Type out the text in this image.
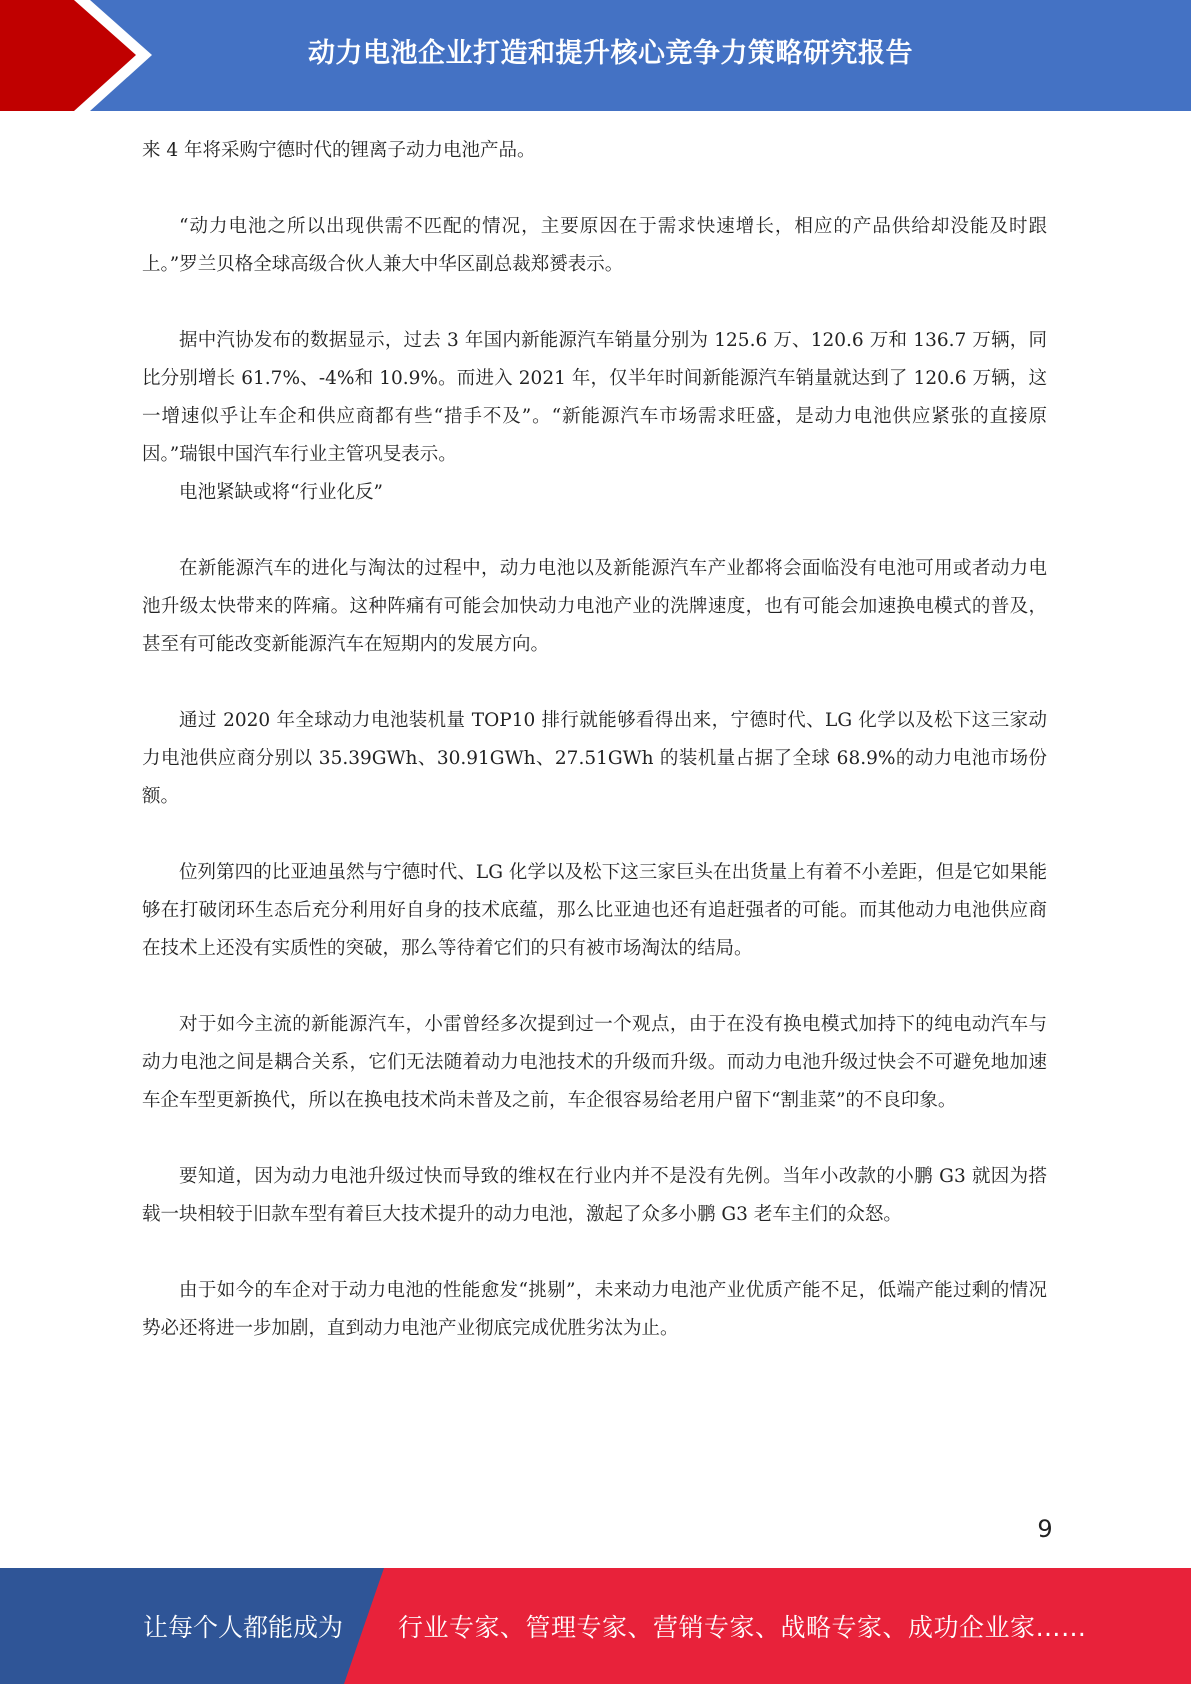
动力电池企业打造和提升核心竞争力策略研究报告

来 4 年将采购宁德时代的锂离子动力电池产品。

“动力电池之所以出现供需不匹配的情况，主要原因在于需求快速增长，相应的产品供给却没能及时跟上。”罗兰贝格全球高级合伙人兼大中华区副总裁郑赟表示。

据中汽协发布的数据显示，过去 3 年国内新能源汽车销量分别为 125.6 万、120.6 万和 136.7 万辆，同比分别增长 61.7%、-4%和 10.9%。而进入 2021 年，仅半年时间新能源汽车销量就达到了 120.6 万辆，这一增速似乎让车企和供应商都有些“措手不及”。“新能源汽车市场需求旺盛，是动力电池供应紧张的直接原因。”瑞银中国汽车行业主管巩旻表示。

电池紧缺或将“行业化反”

在新能源汽车的进化与淘汰的过程中，动力电池以及新能源汽车产业都将会面临没有电池可用或者动力电池升级太快带来的阵痛。这种阵痛有可能会加快动力电池产业的洗牌速度，也有可能会加速换电模式的普及，甚至有可能改变新能源汽车在短期内的发展方向。

通过 2020 年全球动力电池装机量 TOP10 排行就能够看得出来，宁德时代、LG 化学以及松下这三家动力电池供应商分别以 35.39GWh、30.91GWh、27.51GWh 的装机量占据了全球 68.9%的动力电池市场份额。

位列第四的比亚迪虽然与宁德时代、LG 化学以及松下这三家巨头在出货量上有着不小差距，但是它如果能够在打破闭环生态后充分利用好自身的技术底蕴，那么比亚迪也还有追赶强者的可能。而其他动力电池供应商在技术上还没有实质性的突破，那么等待着它们的只有被市场淘汰的结局。

对于如今主流的新能源汽车，小雷曾经多次提到过一个观点，由于在没有换电模式加持下的纯电动汽车与动力电池之间是耦合关系，它们无法随着动力电池技术的升级而升级。而动力电池升级过快会不可避免地加速车企车型更新换代，所以在换电技术尚未普及之前，车企很容易给老用户留下“割韭菜”的不良印象。

要知道，因为动力电池升级过快而导致的维权在行业内并不是没有先例。当年小改款的小鹏 G3 就因为搭载一块相较于旧款车型有着巨大技术提升的动力电池，激起了众多小鹏 G3 老车主们的众怒。

由于如今的车企对于动力电池的性能愈发“挑剔”，未来动力电池产业优质产能不足，低端产能过剩的情况势必还将进一步加剧，直到动力电池产业彻底完成优胜劣汰为止。

9
让每个人都能成为 行业专家、管理专家、营销专家、战略专家、成功企业家……
